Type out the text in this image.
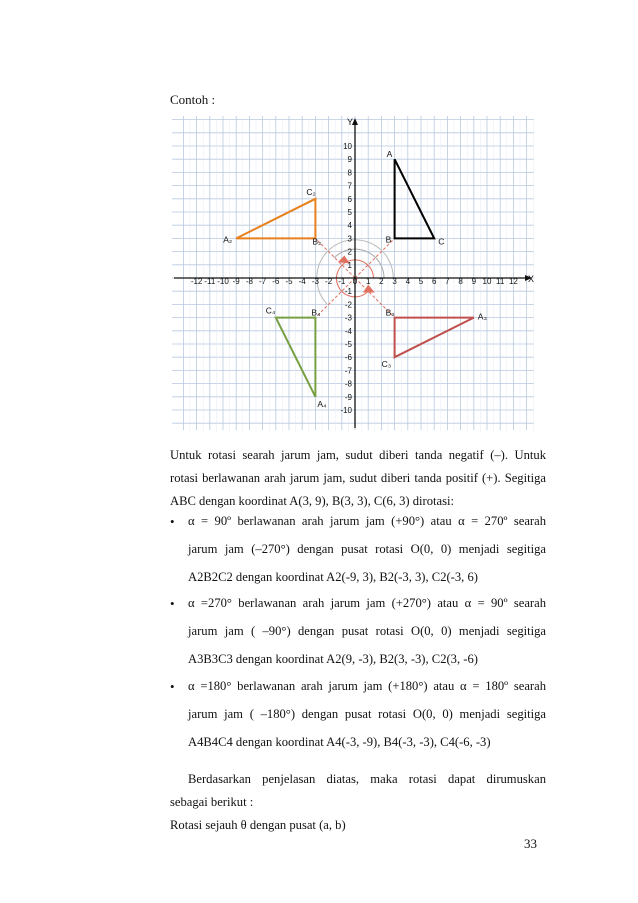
Contoh :
X
Y
-12 -11 -10 -9 -8 -7 -6 -5 -4 -3 -2 -1 0 1 2 3 4 5 6 7 8 9 10 11 12
10
9
8
7
6
5
4
3
2
1
-1
-2
-3
-4
-5
-6
-7
-8
-9
-10
A
B	C
A₂	B₂
C₂
A₃
B₃
C₃
A₄
B₄
C₄
Untuk rotasi searah jarum jam, sudut diberi tanda negatif (–). Untuk
rotasi berlawanan arah jarum jam, sudut diberi tanda positif (+). Segitiga
ABC dengan koordinat A(3, 9), B(3, 3), C(6, 3) dirotasi:
• α = 90º berlawanan arah jarum jam (+90°) atau α = 270º searah
jarum jam (–270°) dengan pusat rotasi O(0, 0) menjadi segitiga
A2B2C2 dengan koordinat A2(-9, 3), B2(-3, 3), C2(-3, 6)
• α =270° berlawanan arah jarum jam (+270°) atau α = 90º searah
jarum jam ( –90°) dengan pusat rotasi O(0, 0) menjadi segitiga
A3B3C3 dengan koordinat A2(9, -3), B2(3, -3), C2(3, -6)
• α =180° berlawanan arah jarum jam (+180°) atau α = 180º searah
jarum jam ( –180°) dengan pusat rotasi O(0, 0) menjadi segitiga
A4B4C4 dengan koordinat A4(-3, -9), B4(-3, -3), C4(-6, -3)
Berdasarkan penjelasan diatas, maka rotasi dapat dirumuskan
sebagai berikut :
Rotasi sejauh θ dengan pusat (a, b)
33
